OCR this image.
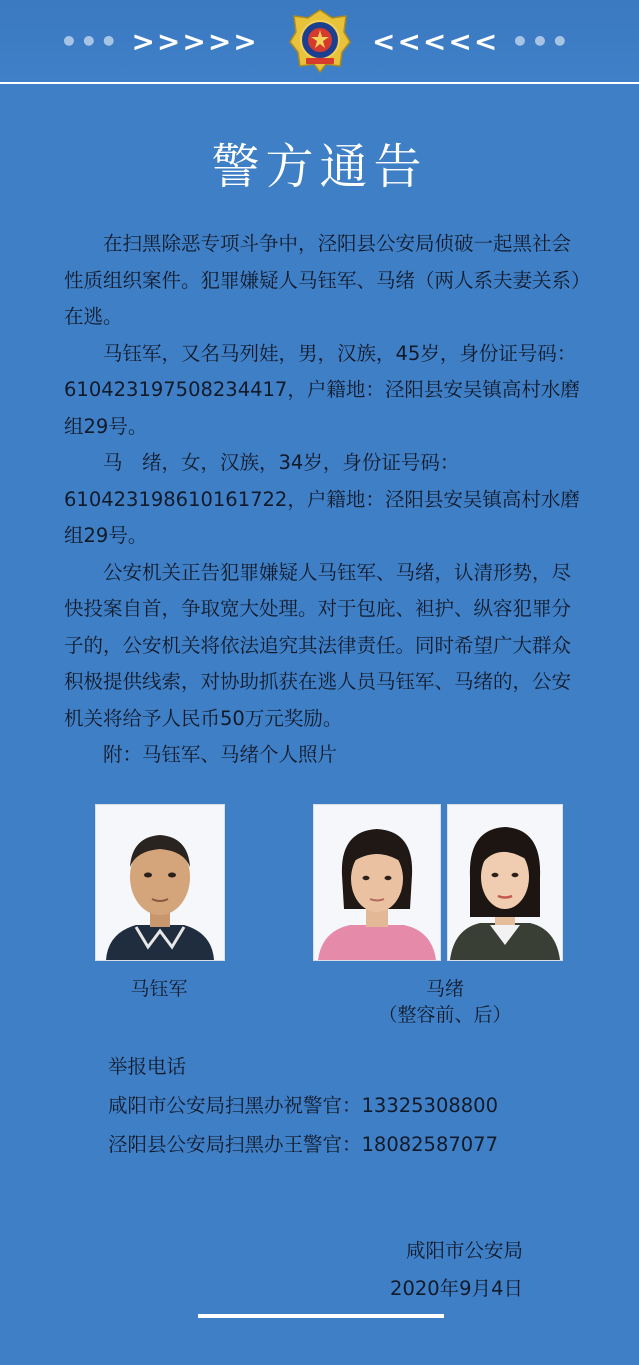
••• >>>>>	<<<<< •••
警方通告

在扫黑除恶专项斗争中，泾阳县公安局侦破一起黑社会性质组织案件。犯罪嫌疑人马钰军、马绪（两人系夫妻关系）在逃。

马钰军，又名马列娃，男，汉族，45岁，身份证号码：610423197508234417，户籍地：泾阳县安吴镇高村水磨组29号。

马　绪，女，汉族，34岁，身份证号码：610423198610161722，户籍地：泾阳县安吴镇高村水磨组29号。

公安机关正告犯罪嫌疑人马钰军、马绪，认清形势，尽快投案自首，争取宽大处理。对于包庇、袒护、纵容犯罪分子的，公安机关将依法追究其法律责任。同时希望广大群众积极提供线索，对协助抓获在逃人员马钰军、马绪的，公安机关将给予人民币50万元奖励。

附：马钰军、马绪个人照片

马钰军	马绪
（整容前、后）
举报电话
咸阳市公安局扫黑办祝警官：13325308800
泾阳县公安局扫黑办王警官：18082587077
咸阳市公安局
2020年9月4日
